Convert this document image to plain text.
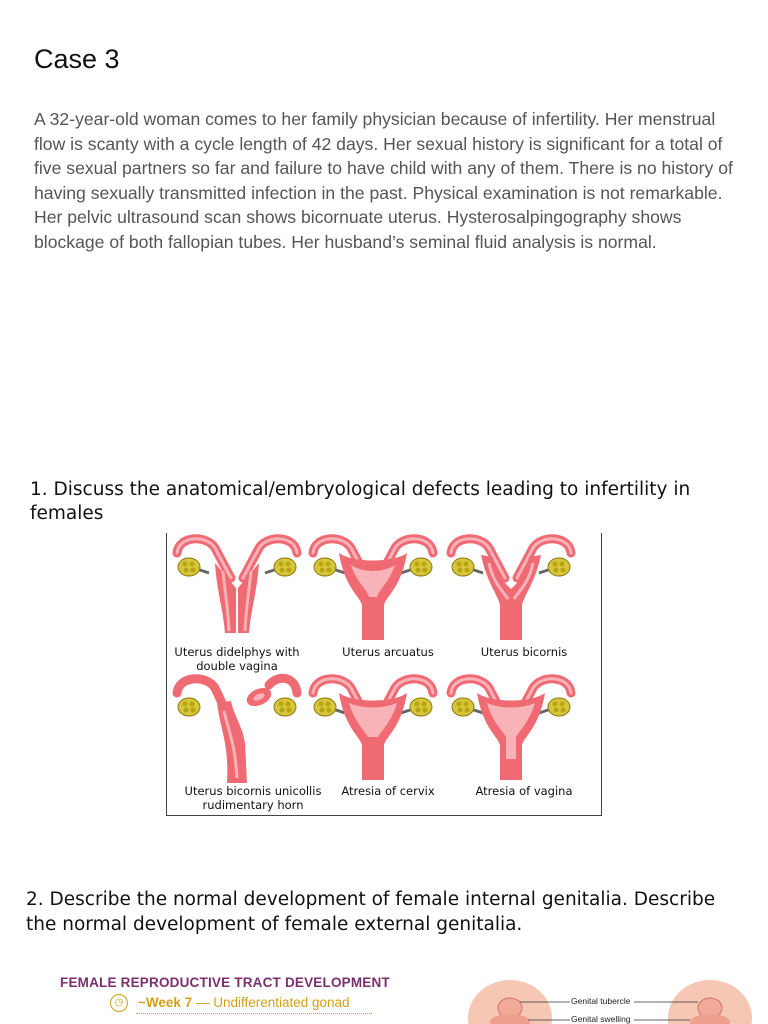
Case 3

A 32-year-old woman comes to her family physician because of infertility. Her menstrual flow is scanty with a cycle length of 42 days. Her sexual history is significant for a total of five sexual partners so far and failure to have child with any of them. There is no history of having sexually transmitted infection in the past. Physical examination is not remarkable. Her pelvic ultrasound scan shows bicornuate uterus. Hysterosalpingography shows blockage of both fallopian tubes. Her husband’s seminal fluid analysis is normal.

1. Discuss the anatomical/embryological defects leading to infertility in females

Uterus didelphys with double vagina
Uterus arcuatus	Uterus bicornis
Uterus bicornis unicollis rudimentary horn
Atresia of cervix	Atresia of vagina

2. Describe the normal development of female internal genitalia. Describe the normal development of female external genitalia.

FEMALE REPRODUCTIVE TRACT DEVELOPMENT
◷	~Week 7 — Undifferentiated gonad	Genital tubercle
Genital swelling
